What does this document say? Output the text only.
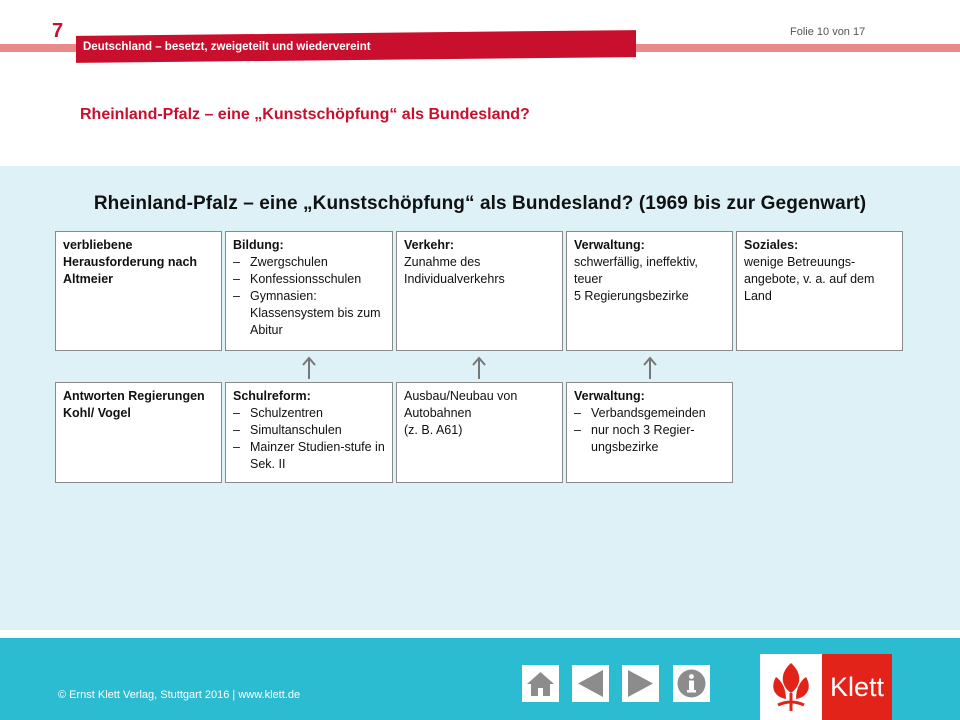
7	Folie 10 von 17
Deutschland – besetzt, zweigeteilt und wiedervereint
Rheinland-Pfalz – eine „Kunstschöpfung“ als Bundesland?
Rheinland-Pfalz – eine „Kunstschöpfung“ als Bundesland? (1969 bis zur Gegenwart)
verbliebene Herausforderung nach Altmeier
Bildung:
– Zwergschulen
– Konfessionsschulen
– Gymnasien: Klassensystem bis zum Abitur
Verkehr:
Zunahme des Individualverkehrs
Verwaltung:
schwerfällig, ineffektiv, teuer
5 Regierungsbezirke
Soziales:
wenige Betreuungs-angebote, v. a. auf dem Land
Antworten Regierungen Kohl/ Vogel
Schulreform:
– Schulzentren
– Simultanschulen
– Mainzer Studien-stufe in Sek. II
Ausbau/Neubau von Autobahnen
(z. B. A61)
Verwaltung:
– Verbandsgemeinden
– nur noch 3 Regier-ungsbezirke
© Ernst Klett Verlag, Stuttgart 2016 | www.klett.de	Klett
